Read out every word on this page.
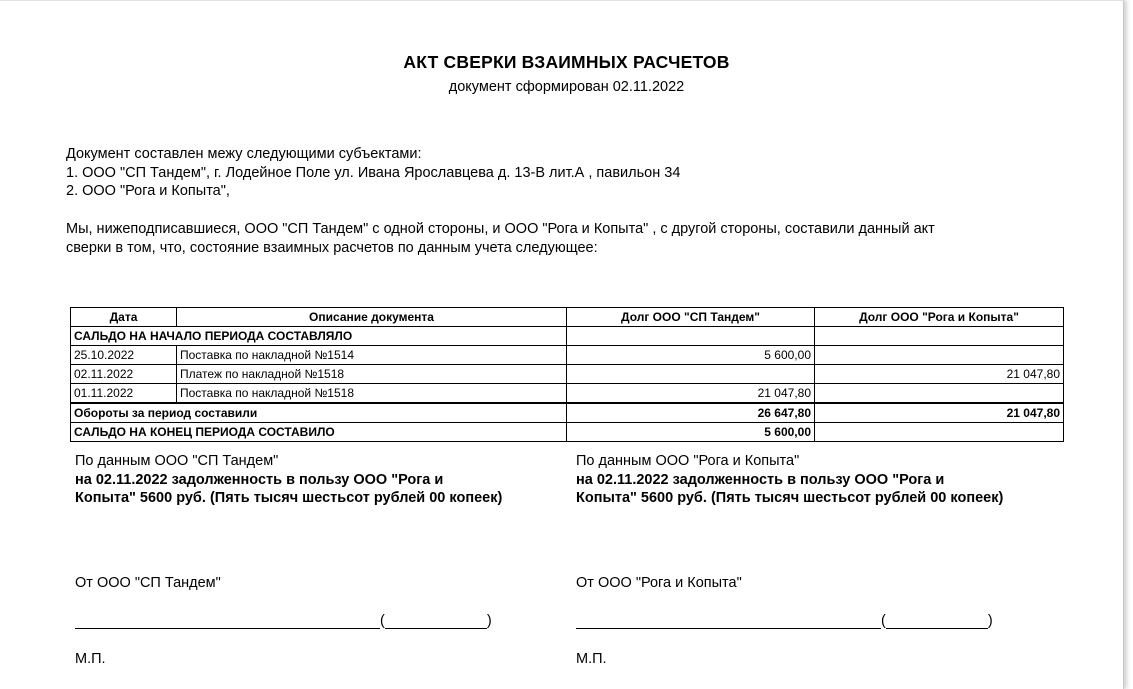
АКТ СВЕРКИ ВЗАИМНЫХ РАСЧЕТОВ
документ сформирован 02.11.2022
Документ составлен межу следующими субъектами:
1. ООО "СП Тандем", г. Лодейное Поле ул. Ивана Ярославцева д. 13-В лит.А , павильон 34
2. ООО "Рога и Копыта",
Мы, нижеподписавшиеся, ООО "СП Тандем" с одной стороны, и ООО "Рога и Копыта" , с другой стороны, составили данный акт
сверки в том, что, состояние взаимных расчетов по данным учета следующее:
Дата	Описание документа	Долг ООО "СП Тандем"	Долг ООО "Рога и Копыта"
САЛЬДО НА НАЧАЛО ПЕРИОДА СОСТАВЛЯЛО			
25.10.2022	Поставка по накладной №1514	5 600,00	
02.11.2022	Платеж по накладной №1518		21 047,80
01.11.2022	Поставка по накладной №1518	21 047,80	
Обороты за период составили		26 647,80	21 047,80
САЛЬДО НА КОНЕЦ ПЕРИОДА СОСТАВИЛО		5 600,00	
По данным ООО "СП Тандем"
на 02.11.2022 задолженность в пользу ООО "Рога и
Копыта" 5600 руб. (Пять тысяч шестьсот рублей 00 копеек)
По данным ООО "Рога и Копыта"
на 02.11.2022 задолженность в пользу ООО "Рога и
Копыта" 5600 руб. (Пять тысяч шестьсот рублей 00 копеек)
От ООО "СП Тандем"	От ООО "Рога и Копыта"
(	)	(	)
М.П.	М.П.
